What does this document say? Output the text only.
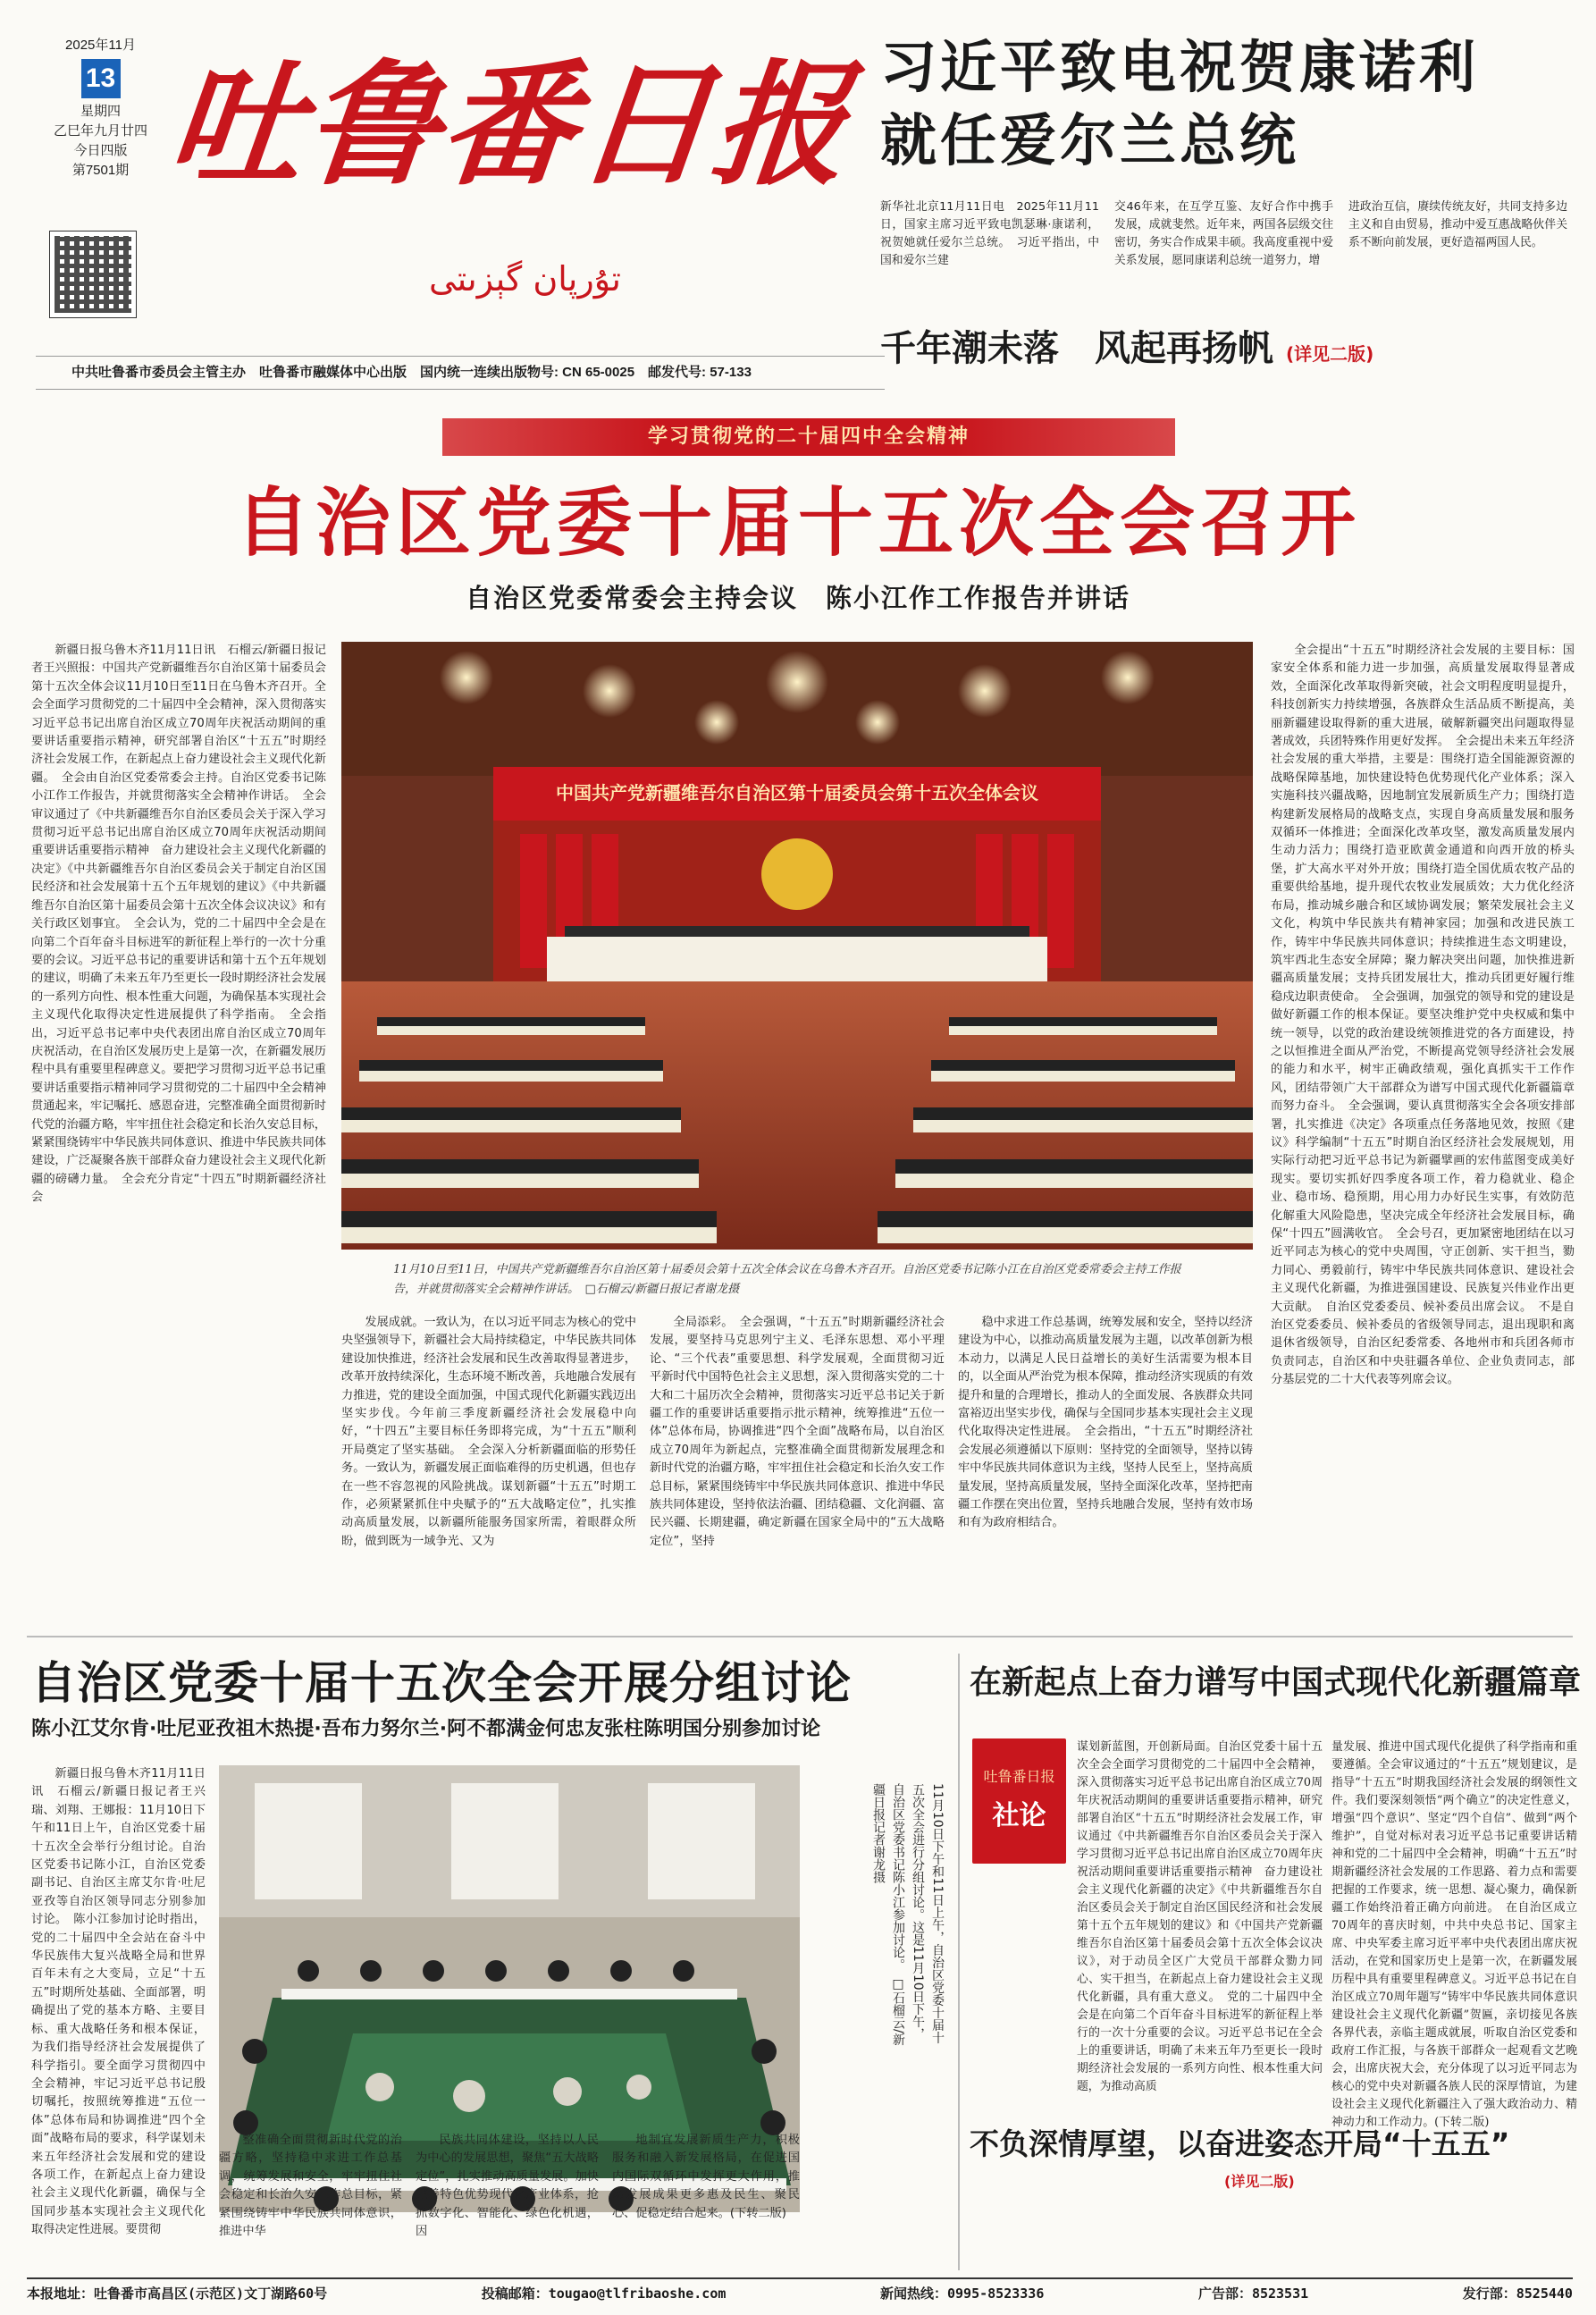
2025年11月
13
星期四
乙巳年九月廿四
今日四版
第7501期 吐鲁番日报
تۇرپان گېزىتى
中共吐鲁番市委员会主管主办　吐鲁番市融媒体中心出版　国内统一连续出版物号: CN 65-0025　邮发代号: 57-133
习近平致电祝贺康诺利
就任爱尔兰总统
新华社北京11月11日电　2025年11月11日，国家主席习近平致电凯瑟琳·康诺利，祝贺她就任爱尔兰总统。　习近平指出，中国和爱尔兰建
交46年来，在互学互鉴、友好合作中携手发展，成就斐然。近年来，两国各层级交往密切，务实合作成果丰硕。我高度重视中爱关系发展，愿同康诺利总统一道努力，增
进政治互信，赓续传统友好，共同支持多边主义和自由贸易，推动中爱互惠战略伙伴关系不断向前发展，更好造福两国人民。
千年潮未落　风起再扬帆 (详见二版)
学习贯彻党的二十届四中全会精神
自治区党委十届十五次全会召开
自治区党委常委会主持会议　陈小江作工作报告并讲话
新疆日报乌鲁木齐11月11日讯　石榴云/新疆日报记者王兴照报：中国共产党新疆维吾尔自治区第十届委员会第十五次全体会议11月10日至11日在乌鲁木齐召开。全会全面学习贯彻党的二十届四中全会精神，深入贯彻落实习近平总书记出席自治区成立70周年庆祝活动期间的重要讲话重要指示精神，研究部署自治区“十五五”时期经济社会发展工作，在新起点上奋力建设社会主义现代化新疆。　全会由自治区党委常委会主持。自治区党委书记陈小江作工作报告，并就贯彻落实全会精神作讲话。　全会审议通过了《中共新疆维吾尔自治区委员会关于深入学习贯彻习近平总书记出席自治区成立70周年庆祝活动期间重要讲话重要指示精神　奋力建设社会主义现代化新疆的决定》《中共新疆维吾尔自治区委员会关于制定自治区国民经济和社会发展第十五个五年规划的建议》《中共新疆维吾尔自治区第十届委员会第十五次全体会议决议》和有关行政区划事宜。　全会认为，党的二十届四中全会是在向第二个百年奋斗目标进军的新征程上举行的一次十分重要的会议。习近平总书记的重要讲话和第十五个五年规划的建议，明确了未来五年乃至更长一段时期经济社会发展的一系列方向性、根本性重大问题，为确保基本实现社会主义现代化取得决定性进展提供了科学指南。　全会指出，习近平总书记率中央代表团出席自治区成立70周年庆祝活动，在自治区发展历史上是第一次，在新疆发展历程中具有重要里程碑意义。要把学习贯彻习近平总书记重要讲话重要指示精神同学习贯彻党的二十届四中全会精神贯通起来，牢记嘱托、感恩奋进，完整准确全面贯彻新时代党的治疆方略，牢牢扭住社会稳定和长治久安总目标，紧紧围绕铸牢中华民族共同体意识、推进中华民族共同体建设，广泛凝聚各族干部群众奋力建设社会主义现代化新疆的磅礴力量。　全会充分肯定“十四五”时期新疆经济社会
中国共产党新疆维吾尔自治区第十届委员会第十五次全体会议
11月10日至11日，中国共产党新疆维吾尔自治区第十届委员会第十五次全体会议在乌鲁木齐召开。自治区党委书记陈小江在自治区党委常委会主持工作报告，并就贯彻落实全会精神作讲话。　□石榴云/新疆日报记者谢龙摄
全会提出“十五五”时期经济社会发展的主要目标：国家安全体系和能力进一步加强，高质量发展取得显著成效，全面深化改革取得新突破，社会文明程度明显提升，科技创新实力持续增强，各族群众生活品质不断提高，美丽新疆建设取得新的重大进展，破解新疆突出问题取得显著成效，兵团特殊作用更好发挥。　全会提出未来五年经济社会发展的重大举措，主要是：围绕打造全国能源资源的战略保障基地，加快建设特色优势现代化产业体系；深入实施科技兴疆战略，因地制宜发展新质生产力；围绕打造构建新发展格局的战略支点，实现自身高质量发展和服务双循环一体推进；全面深化改革攻坚，激发高质量发展内生动力活力；围绕打造亚欧黄金通道和向西开放的桥头堡，扩大高水平对外开放；围绕打造全国优质农牧产品的重要供给基地，提升现代农牧业发展质效；大力优化经济布局，推动城乡融合和区域协调发展；繁荣发展社会主义文化，构筑中华民族共有精神家园；加强和改进民族工作，铸牢中华民族共同体意识；持续推进生态文明建设，筑牢西北生态安全屏障；聚力解决突出问题，加快推进新疆高质量发展；支持兵团发展壮大，推动兵团更好履行维稳戍边职责使命。　全会强调，加强党的领导和党的建设是做好新疆工作的根本保证。要坚决维护党中央权威和集中统一领导，以党的政治建设统领推进党的各方面建设，持之以恒推进全面从严治党，不断提高党领导经济社会发展的能力和水平，树牢正确政绩观，强化真抓实干工作作风，团结带领广大干部群众为谱写中国式现代化新疆篇章而努力奋斗。　全会强调，要认真贯彻落实全会各项安排部署，扎实推进《决定》各项重点任务落地见效，按照《建议》科学编制“十五五”时期自治区经济社会发展规划，用实际行动把习近平总书记为新疆擘画的宏伟蓝图变成美好现实。要切实抓好四季度各项工作，着力稳就业、稳企业、稳市场、稳预期，用心用力办好民生实事，有效防范化解重大风险隐患，坚决完成全年经济社会发展目标，确保“十四五”圆满收官。　全会号召，更加紧密地团结在以习近平同志为核心的党中央周围，守正创新、实干担当，勠力同心、勇毅前行，铸牢中华民族共同体意识、建设社会主义现代化新疆，为推进强国建设、民族复兴伟业作出更大贡献。　自治区党委委员、候补委员出席会议。　不是自治区党委委员、候补委员的省级领导同志，退出现职和离退休省级领导，自治区纪委常委、各地州市和兵团各师市负责同志，自治区和中央驻疆各单位、企业负责同志，部分基层党的二十大代表等列席会议。
发展成就。一致认为，在以习近平同志为核心的党中央坚强领导下，新疆社会大局持续稳定，中华民族共同体建设加快推进，经济社会发展和民生改善取得显著进步，改革开放持续深化，生态环境不断改善，兵地融合发展有力推进，党的建设全面加强，中国式现代化新疆实践迈出坚实步伐。今年前三季度新疆经济社会发展稳中向好，“十四五”主要目标任务即将完成，为“十五五”顺利开局奠定了坚实基础。　全会深入分析新疆面临的形势任务。一致认为，新疆发展正面临难得的历史机遇，但也存在一些不容忽视的风险挑战。谋划新疆“十五五”时期工作，必须紧紧抓住中央赋予的“五大战略定位”，扎实推动高质量发展，以新疆所能服务国家所需，着眼群众所盼，做到既为一域争光、又为
全局添彩。　全会强调，“十五五”时期新疆经济社会发展，要坚持马克思列宁主义、毛泽东思想、邓小平理论、“三个代表”重要思想、科学发展观，全面贯彻习近平新时代中国特色社会主义思想，深入贯彻落实党的二十大和二十届历次全会精神，贯彻落实习近平总书记关于新疆工作的重要讲话重要指示批示精神，统筹推进“五位一体”总体布局，协调推进“四个全面”战略布局，以自治区成立70周年为新起点，完整准确全面贯彻新发展理念和新时代党的治疆方略，牢牢扭住社会稳定和长治久安工作总目标，紧紧围绕铸牢中华民族共同体意识、推进中华民族共同体建设，坚持依法治疆、团结稳疆、文化润疆、富民兴疆、长期建疆，确定新疆在国家全局中的“五大战略定位”，坚持
稳中求进工作总基调，统筹发展和安全，坚持以经济建设为中心，以推动高质量发展为主题，以改革创新为根本动力，以满足人民日益增长的美好生活需要为根本目的，以全面从严治党为根本保障，推动经济实现质的有效提升和量的合理增长，推动人的全面发展、各族群众共同富裕迈出坚实步伐，确保与全国同步基本实现社会主义现代化取得决定性进展。　全会指出，“十五五”时期经济社会发展必须遵循以下原则：坚持党的全面领导，坚持以铸牢中华民族共同体意识为主线，坚持人民至上，坚持高质量发展，坚持高质量发展，坚持全面深化改革，坚持把南疆工作摆在突出位置，坚持兵地融合发展，坚持有效市场和有为政府相结合。
自治区党委十届十五次全会开展分组讨论
陈小江艾尔肯·吐尼亚孜祖木热提·吾布力努尔兰·阿不都满金何忠友张柱陈明国分别参加讨论
新疆日报乌鲁木齐11月11日讯　石榴云/新疆日报记者王兴瑞、刘翔、王娜报：11月10日下午和11日上午，自治区党委十届十五次全会举行分组讨论。自治区党委书记陈小江，自治区党委副书记、自治区主席艾尔肯·吐尼亚孜等自治区领导同志分别参加讨论。　陈小江参加讨论时指出，党的二十届四中全会站在奋斗中华民族伟大复兴战略全局和世界百年未有之大变局，立足“十五五”时期所处基础、全面部署，明确提出了党的基本方略、主要目标、重大战略任务和根本保证，为我们指导经济社会发展提供了科学指引。要全面学习贯彻四中全会精神，牢记习近平总书记殷切嘱托，按照统筹推进“五位一体”总体布局和协调推进“四个全面”战略布局的要求，科学谋划未来五年经济社会发展和党的建设各项工作，在新起点上奋力建设社会主义现代化新疆，确保与全国同步基本实现社会主义现代化取得决定性进展。要贯彻
11月10日下午和11日上午，自治区党委十届十五次全会进行分组讨论。这是11月10日下午，自治区党委书记陈小江参加讨论。　□石榴云/新疆日报记者谢龙摄
整准确全面贯彻新时代党的治疆方略，坚持稳中求进工作总基调，统筹发展和安全，牢牢扭住社会稳定和长治久安工作总目标，紧紧围绕铸牢中华民族共同体意识，推进中华
民族共同体建设，坚持以人民为中心的发展思想，聚焦“五大战略定位”，扎实推动高质量发展。加快完善特色优势现代化产业体系，抢抓数字化、智能化、绿色化机遇，因
地制宜发展新质生产力，积极服务和融入新发展格局，在促进国内国际双循环中发挥更大作用，推动发展成果更多惠及民生、聚民心、促稳定结合起来。(下转二版)
在新起点上奋力谱写中国式现代化新疆篇章
吐鲁番日报
社论
谋划新蓝图，开创新局面。自治区党委十届十五次全会全面学习贯彻党的二十届四中全会精神，深入贯彻落实习近平总书记出席自治区成立70周年庆祝活动期间的重要讲话重要指示精神，研究部署自治区“十五五”时期经济社会发展工作，审议通过《中共新疆维吾尔自治区委员会关于深入学习贯彻习近平总书记出席自治区成立70周年庆祝活动期间重要讲话重要指示精神　奋力建设社会主义现代化新疆的决定》《中共新疆维吾尔自治区委员会关于制定自治区国民经济和社会发展第十五个五年规划的建议》和《中国共产党新疆维吾尔自治区第十届委员会第十五次全体会议决议》，对于动员全区广大党员干部群众勠力同心、实干担当，在新起点上奋力建设社会主义现代化新疆，具有重大意义。　党的二十届四中全会是在向第二个百年奋斗目标进军的新征程上举行的一次十分重要的会议。习近平总书记在全会上的重要讲话，明确了未来五年乃至更长一段时期经济社会发展的一系列方向性、根本性重大问题，为推动高质
量发展、推进中国式现代化提供了科学指南和重要遵循。全会审议通过的“十五五”规划建议，是指导“十五五”时期我国经济社会发展的纲领性文件。我们要深刻领悟“两个确立”的决定性意义，增强“四个意识”、坚定“四个自信”、做到“两个维护”，自觉对标对表习近平总书记重要讲话精神和党的二十届四中全会精神，明确“十五五”时期新疆经济社会发展的工作思路、着力点和需要把握的工作要求，统一思想、凝心聚力，确保新疆工作始终沿着正确方向前进。　在自治区成立70周年的喜庆时刻，中共中央总书记、国家主席、中央军委主席习近平率中央代表团出席庆祝活动，在党和国家历史上是第一次，在新疆发展历程中具有重要里程碑意义。习近平总书记在自治区成立70周年题写“铸牢中华民族共同体意识　建设社会主义现代化新疆”贺匾，亲切接见各族各界代表，亲临主题成就展，听取自治区党委和政府工作汇报，与各族干部群众一起观看文艺晚会，出席庆祝大会，充分体现了以习近平同志为核心的党中央对新疆各族人民的深厚情谊，为建设社会主义现代化新疆注入了强大政治动力、精神动力和工作动力。(下转二版)
不负深情厚望，以奋进姿态开局“十五五”
(详见二版)
本报地址：吐鲁番市高昌区(示范区)文丁湖路60号	投稿邮箱：tougao@tlfribaoshe.com	新闻热线：0995-8523336	广告部：8523531	发行部：8525440
